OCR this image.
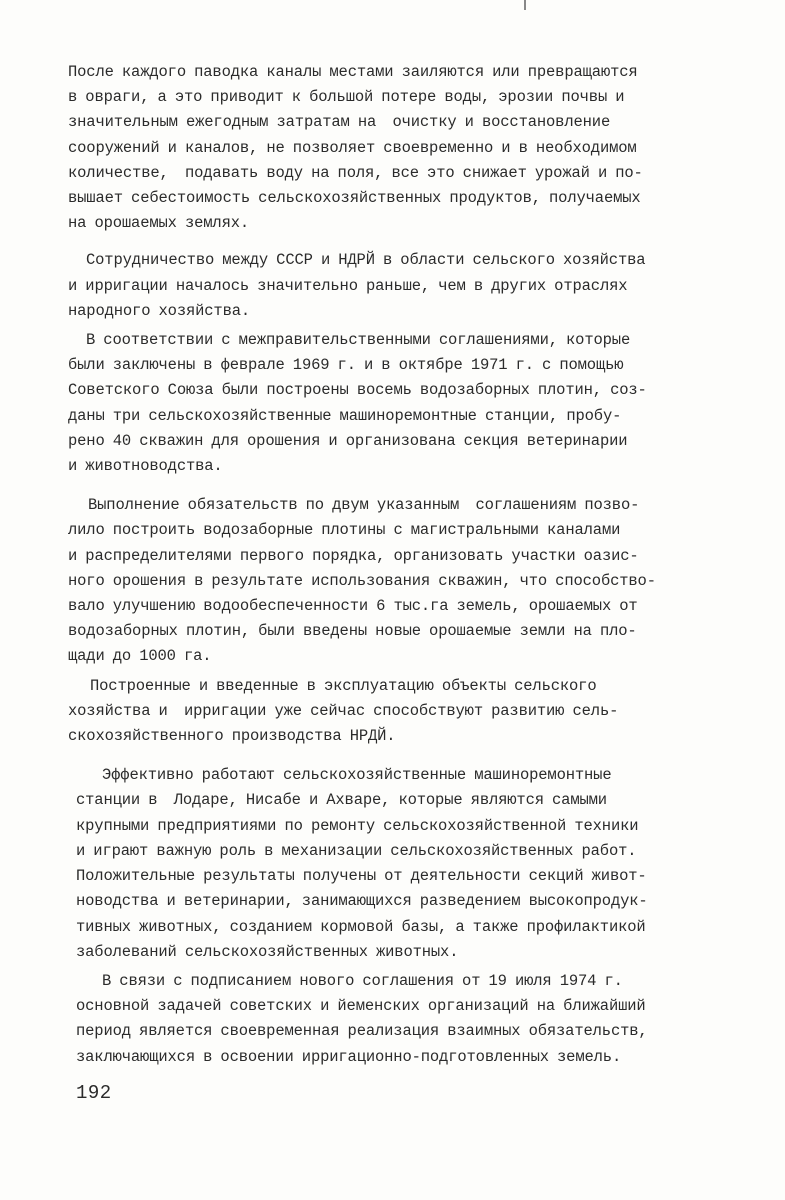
После каждого паводка каналы местами заиляются или превращаются
в овраги, а это приводит к большой потере воды, эрозии почвы и
значительным ежегодным затратам на  очистку и восстановление
сооружений и каналов, не позволяет своевременно и в необходимом
количестве,  подавать воду на поля, все это снижает урожай и по-
вышает себестоимость сельскохозяйственных продуктов, получаемых
на орошаемых землях.

Сотрудничество между СССР и НДРЙ в области сельского хозяйства
и ирригации началось значительно раньше, чем в других отраслях
народного хозяйства.

В соответствии с межправительственными соглашениями, которые
были заключены в феврале 1969 г. и в октябре 1971 г. с помощью
Советского Союза были построены восемь водозаборных плотин, соз-
даны три сельскохозяйственные машиноремонтные станции, пробу-
рено 40 скважин для орошения и организована секция ветеринарии
и животноводства.

Выполнение обязательств по двум указанным  соглашениям позво-
лило построить водозаборные плотины с магистральными каналами
и распределителями первого порядка, организовать участки оазис-
ного орошения в результате использования скважин, что способство-
вало улучшению водообеспеченности 6 тыс.га земель, орошаемых от
водозаборных плотин, были введены новые орошаемые земли на пло-
щади до 1000 га.

Построенные и введенные в эксплуатацию объекты сельского
хозяйства и  ирригации уже сейчас способствуют развитию сель-
скохозяйственного производства НРДЙ.

Эффективно работают сельскохозяйственные машиноремонтные
станции в  Лодаре, Нисабе и Ахваре, которые являются самыми
крупными предприятиями по ремонту сельскохозяйственной техники
и играют важную роль в механизации сельскохозяйственных работ.
Положительные результаты получены от деятельности секций живот-
новодства и ветеринарии, занимающихся разведением высокопродук-
тивных животных, созданием кормовой базы, а также профилактикой
заболеваний сельскохозяйственных животных.

В связи с подписанием нового соглашения от 19 июля 1974 г.
основной задачей советских и йеменских организаций на ближайший
период является своевременная реализация взаимных обязательств,
заключающихся в освоении ирригационно-подготовленных земель.

192
